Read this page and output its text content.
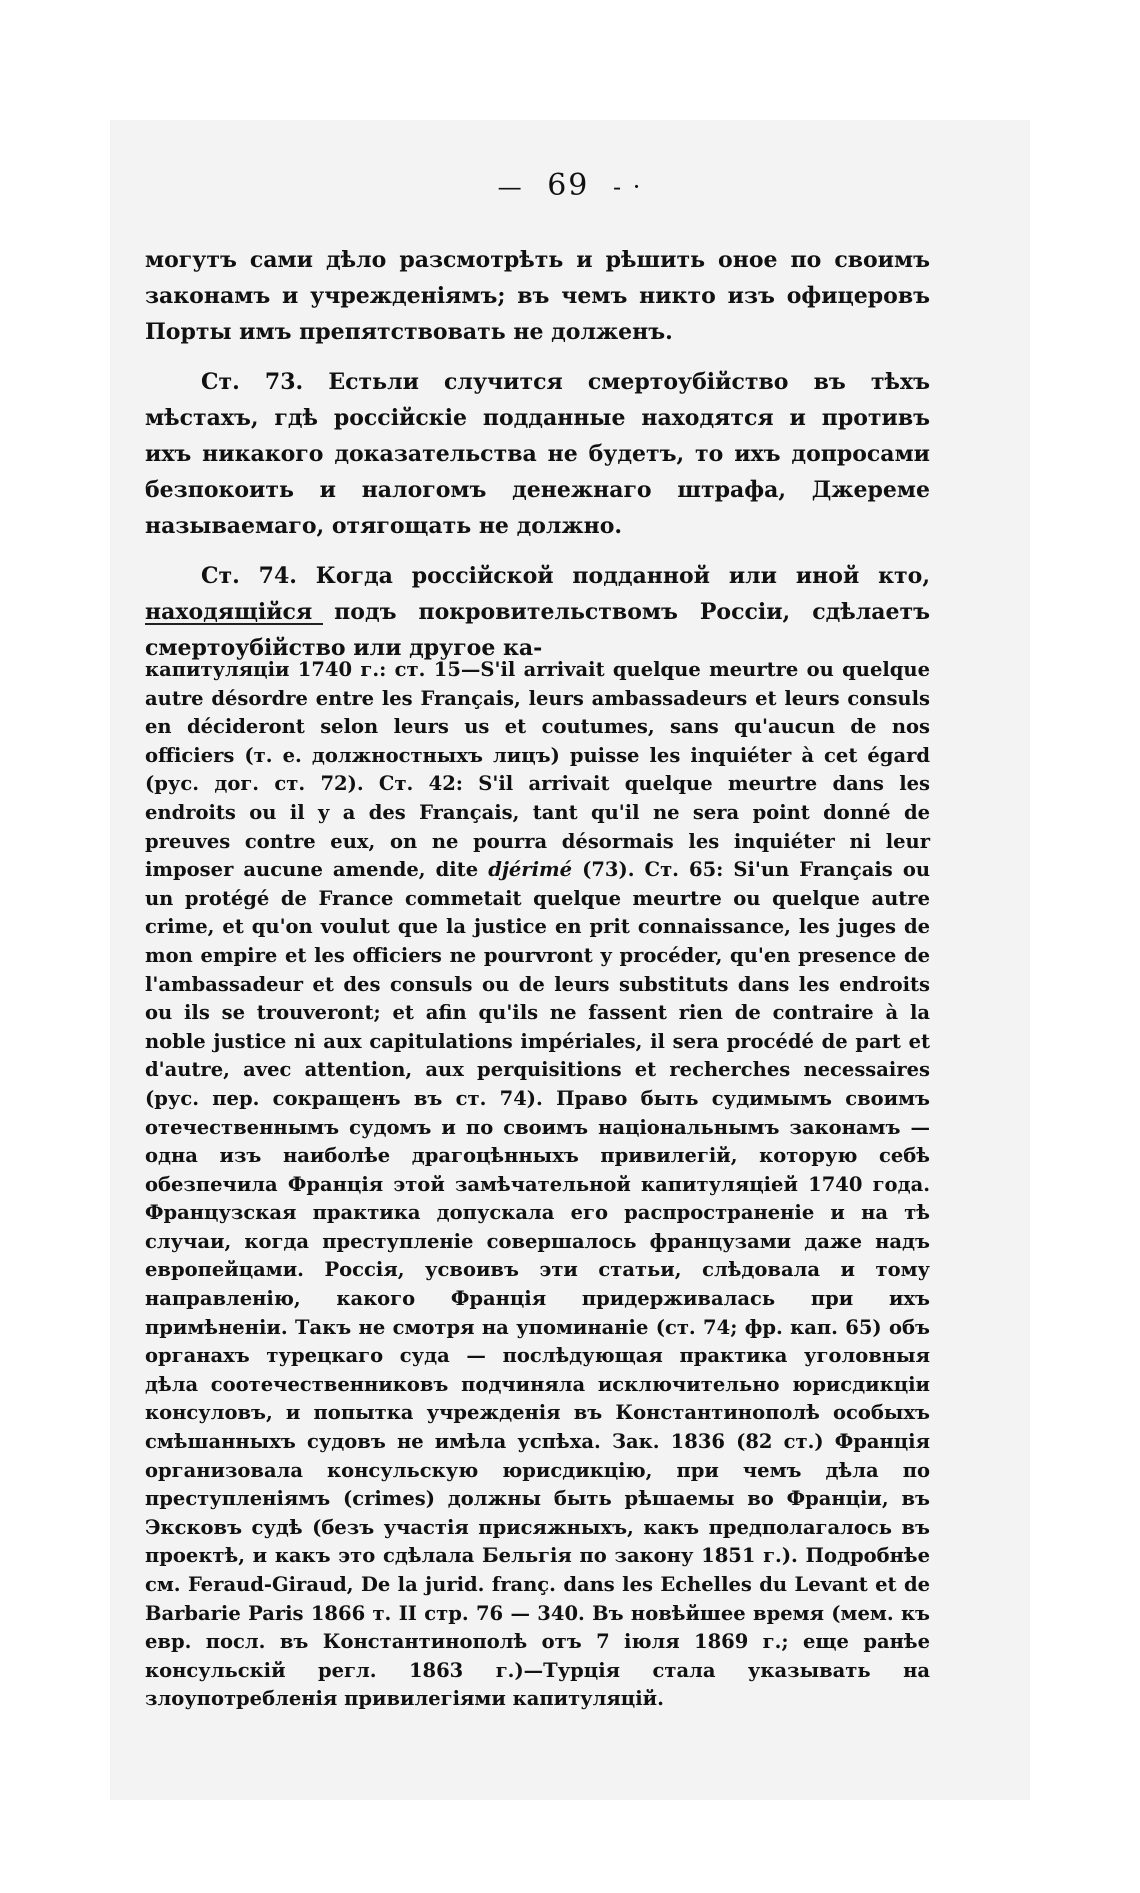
— 69 - ·

могутъ сами дѣло разсмотрѣть и рѣшить оное по своимъ законамъ и учрежденіямъ; въ чемъ никто изъ офицеровъ Порты имъ препятствовать не долженъ.

Ст. 73. Естьли случится смертоубійство въ тѣхъ мѣстахъ, гдѣ россійскіе подданные находятся и противъ ихъ никакого доказательства не будетъ, то ихъ допросами безпокоить и налогомъ денежнаго штрафа, Джереме называемаго, отягощать не должно.

Ст. 74. Когда россійской подданной или иной кто, находящійся подъ покровительствомъ Россіи, сдѣлаетъ смертоубійство или другое ка-

капитуляціи 1740 г.: ст. 15—S'il arrivait quelque meurtre ou quelque autre désordre entre les Français, leurs ambassadeurs et leurs consuls en décideront selon leurs us et coutumes, sans qu'aucun de nos officiers (т. е. должностныхъ лицъ) puisse les inquiéter à cet égard (рус. дог. ст. 72). Ст. 42: S'il arrivait quelque meurtre dans les endroits ou il y a des Français, tant qu'il ne sera point donné de preuves contre eux, on ne pourra désormais les inquiéter ni leur imposer aucune amende, dite djérimé (73). Ст. 65: Si'un Français ou un protégé de France commetait quelque meurtre ou quelque autre crime, et qu'on voulut que la justice en prit connaissance, les juges de mon empire et les officiers ne pourvront y procéder, qu'en presence de l'ambassadeur et des consuls ou de leurs substituts dans les endroits ou ils se trouveront; et afin qu'ils ne fassent rien de contraire à la noble justice ni aux capitulations impériales, il sera procédé de part et d'autre, avec attention, aux perquisitions et recherches necessaires (рус. пер. сокращенъ въ ст. 74). Право быть судимымъ своимъ отечественнымъ судомъ и по своимъ національнымъ законамъ — одна изъ наиболѣе драгоцѣнныхъ привилегій, которую себѣ обезпечила Франція этой замѣчательной капитуляціей 1740 года. Французская практика допускала его распространеніе и на тѣ случаи, когда преступленіе совершалось французами даже надъ европейцами. Россія, усвоивъ эти статьи, слѣдовала и тому направленію, какого Франція придерживалась при ихъ примѣненіи. Такъ не смотря на упоминаніе (ст. 74; фр. кап. 65) объ органахъ турецкаго суда — послѣдующая практика уголовныя дѣла соотечественниковъ подчиняла исключительно юрисдикціи консуловъ, и попытка учрежденія въ Константинополѣ особыхъ смѣшанныхъ судовъ не имѣла успѣха. Зак. 1836 (82 ст.) Франція организовала консульскую юрисдикцію, при чемъ дѣла по преступленіямъ (crimes) должны быть рѣшаемы во Франціи, въ Эксковъ судѣ (безъ участія присяжныхъ, какъ предполагалось въ проектѣ, и какъ это сдѣлала Бельгія по закону 1851 г.). Подробнѣе см. Feraud-Giraud, De la jurid. franç. dans les Echelles du Levant et de Barbarie Paris 1866 т. II стр. 76 — 340. Въ новѣйшее время (мем. къ евр. посл. въ Константинополѣ отъ 7 іюля 1869 г.; еще ранѣе консульскій регл. 1863 г.)—Турція стала указывать на злоупотребленія привилегіями капитуляцій.
